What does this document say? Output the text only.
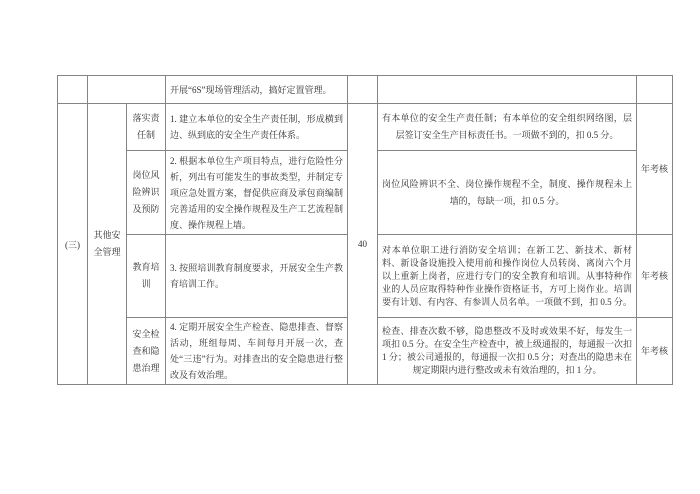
			开展“6S”现场管理活动，搞好定置管理。			
(三)	其他安全管理	落实责任制	1. 建立本单位的安全生产责任制，形成横到边、纵到底的安全生产责任体系。	40	有本单位的安全生产责任制；有本单位的安全组织网络图，层层签订安全生产目标责任书。一项做不到的，扣 0.5 分。	年考核
		岗位风险辨识及预防	2. 根据本单位生产项目特点，进行危险性分析，列出有可能发生的事故类型，并制定专项应急处置方案，督促供应商及承包商编制完善适用的安全操作规程及生产工艺流程制度、操作规程上墙。		岗位风险辨识不全、岗位操作规程不全，制度、操作规程未上墙的，每缺一项，扣 0.5 分。	
		教育培训	3. 按照培训教育制度要求，开展安全生产教育培训工作。		对本单位职工进行消防安全培训；在新工艺、新技术、新材料、新设备设施投入使用前和操作岗位人员转岗、离岗六个月以上重新上岗者，应进行专门的安全教育和培训。从事特种作业的人员应取得特种作业操作资格证书，方可上岗作业。培训要有计划、有内容、有参训人员名单。一项做不到，扣 0.5 分。	年考核
		安全检查和隐患治理	4. 定期开展安全生产检查、隐患排查、督察活动，班组每周、车间每月开展一次，查处“三违”行为。对排查出的安全隐患进行整改及有效治理。		检查、排查次数不够，隐患整改不及时或效果不好，每发生一项扣 0.5 分。在安全生产检查中，被上级通报的，每通报一次扣 1 分；被公司通报的，每通报一次扣 0.5 分；对查出的隐患未在规定期限内进行整改或未有效治理的，扣 1 分。	年考核
